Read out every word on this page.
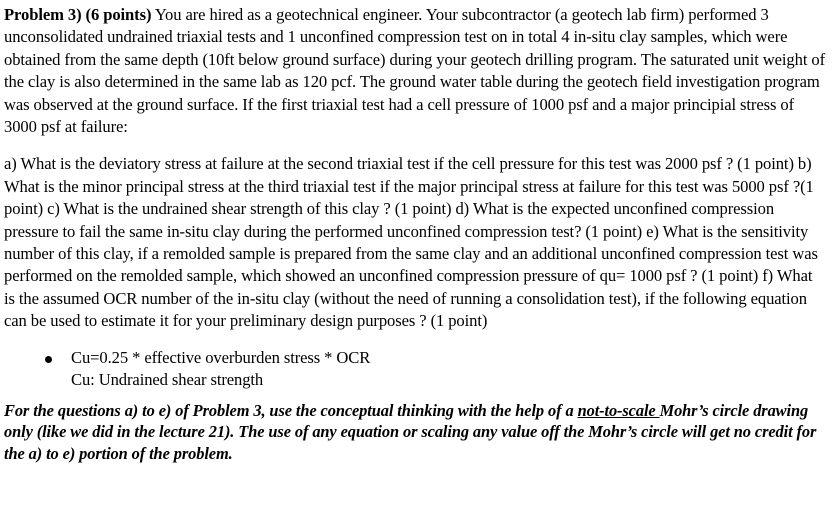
Problem 3) (6 points) You are hired as a geotechnical engineer. Your subcontractor (a geotech lab firm) performed 3 unconsolidated undrained triaxial tests and 1 unconfined compression test on in total 4 in-situ clay samples, which were obtained from the same depth (10ft below ground surface) during your geotech drilling program. The saturated unit weight of the clay is also determined in the same lab as 120 pcf. The ground water table during the geotech field investigation program was observed at the ground surface. If the first triaxial test had a cell pressure of 1000 psf and a major principial stress of 3000 psf at failure:

a) What is the deviatory stress at failure at the second triaxial test if the cell pressure for this test was 2000 psf ? (1 point) b) What is the minor principal stress at the third triaxial test if the major principal stress at failure for this test was 5000 psf ?(1 point) c) What is the undrained shear strength of this clay ? (1 point) d) What is the expected unconfined compression pressure to fail the same in-situ clay during the performed unconfined compression test? (1 point) e) What is the sensitivity number of this clay, if a remolded sample is prepared from the same clay and an additional unconfined compression test was performed on the remolded sample, which showed an unconfined compression pressure of qu= 1000 psf ? (1 point) f) What is the assumed OCR number of the in-situ clay (without the need of running a consolidation test), if the following equation can be used to estimate it for your preliminary design purposes ? (1 point)

Cu=0.25 * effective overburden stress * OCR

Cu: Undrained shear strength

For the questions a) to e) of Problem 3, use the conceptual thinking with the help of a not-to-scale Mohr’s circle drawing only (like we did in the lecture 21). The use of any equation or scaling any value off the Mohr’s circle will get no credit for the a) to e) portion of the problem.
